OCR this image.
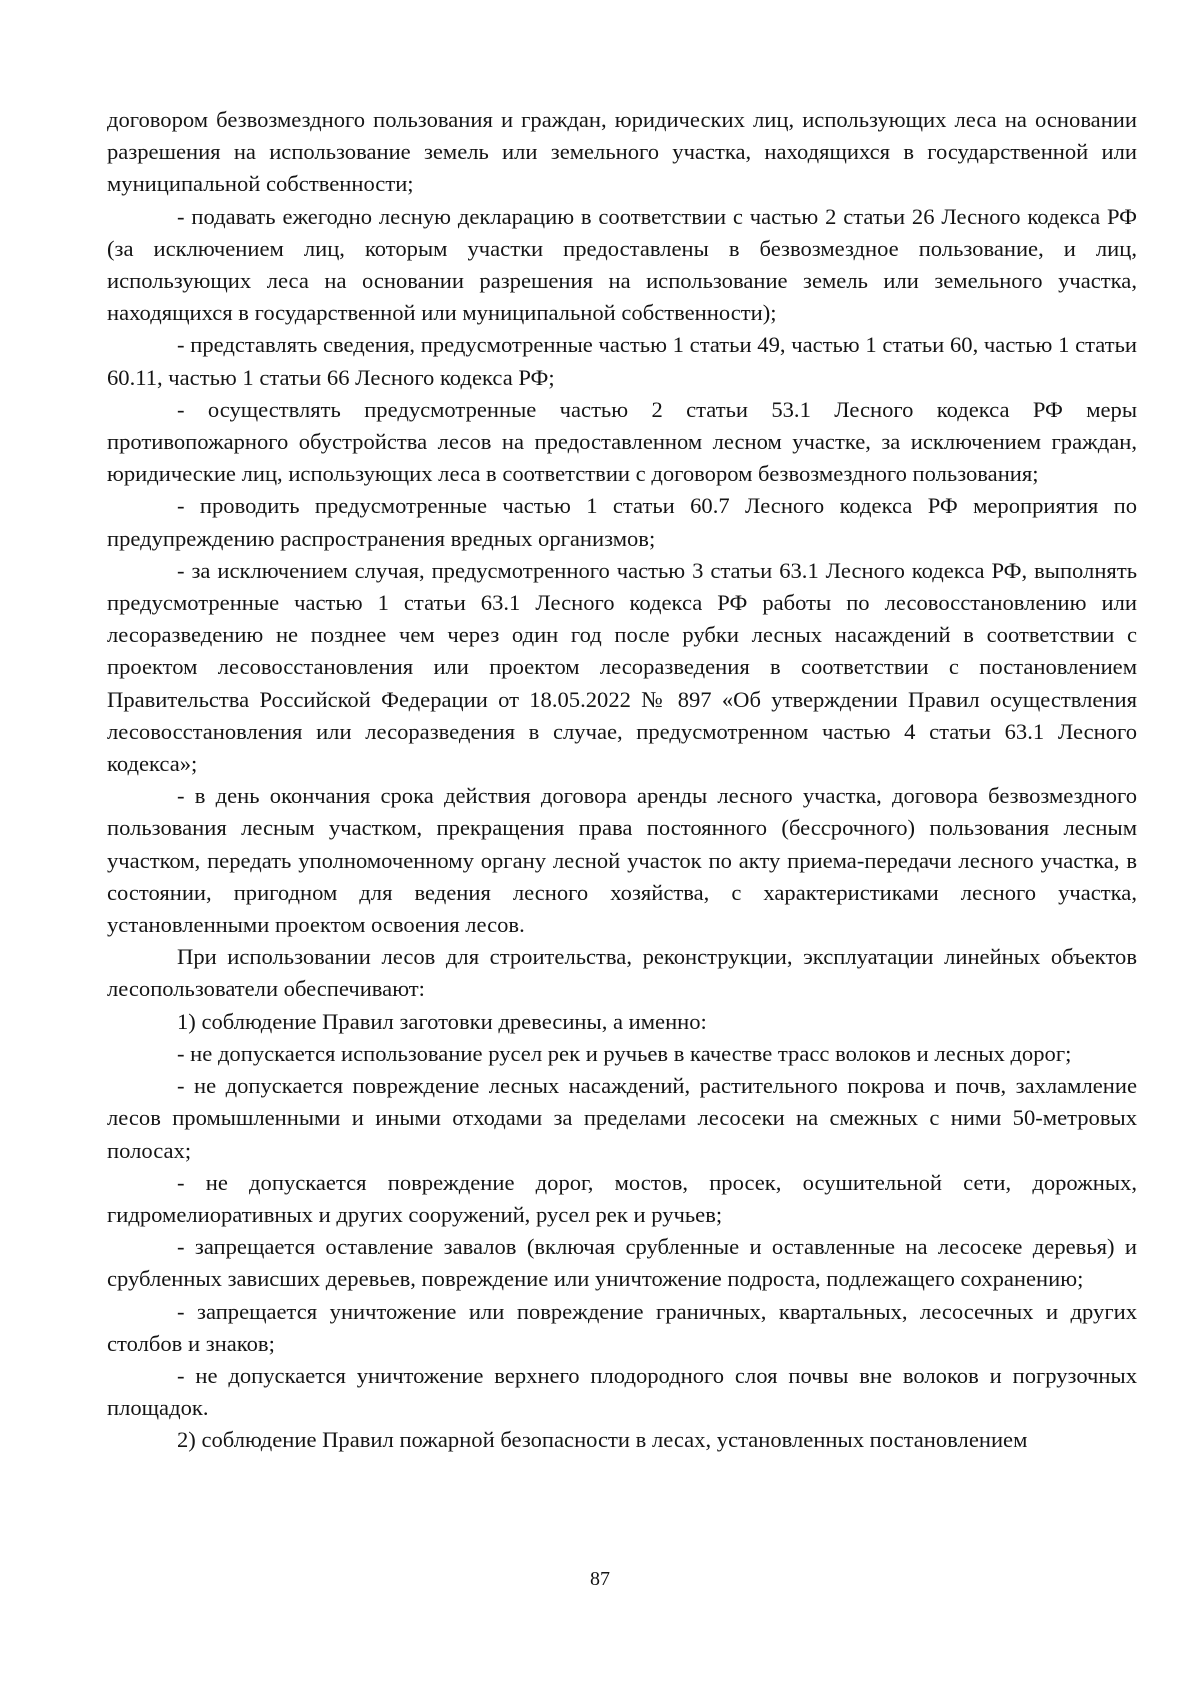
договором безвозмездного пользования и граждан, юридических лиц, использующих леса на основании разрешения на использование земель или земельного участка, находящихся в государственной или муниципальной собственности;

- подавать ежегодно лесную декларацию в соответствии с частью 2 статьи 26 Лесного кодекса РФ (за исключением лиц, которым участки предоставлены в безвозмездное пользование, и лиц, использующих леса на основании разрешения на использование земель или земельного участка, находящихся в государственной или муниципальной собственности);

- представлять сведения, предусмотренные частью 1 статьи 49, частью 1 статьи 60, частью 1 статьи 60.11, частью 1 статьи 66 Лесного кодекса РФ;

- осуществлять предусмотренные частью 2 статьи 53.1 Лесного кодекса РФ меры противопожарного обустройства лесов на предоставленном лесном участке, за исключением граждан, юридические лиц, использующих леса в соответствии с договором безвозмездного пользования;

- проводить предусмотренные частью 1 статьи 60.7 Лесного кодекса РФ мероприятия по предупреждению распространения вредных организмов;

- за исключением случая, предусмотренного частью 3 статьи 63.1 Лесного кодекса РФ, выполнять предусмотренные частью 1 статьи 63.1 Лесного кодекса РФ работы по лесовосстановлению или лесоразведению не позднее чем через один год после рубки лесных насаждений в соответствии с проектом лесовосстановления или проектом лесоразведения в соответствии с постановлением Правительства Российской Федерации от 18.05.2022 № 897 «Об утверждении Правил осуществления лесовосстановления или лесоразведения в случае, предусмотренном частью 4 статьи 63.1 Лесного кодекса»;

- в день окончания срока действия договора аренды лесного участка, договора безвозмездного пользования лесным участком, прекращения права постоянного (бессрочного) пользования лесным участком, передать уполномоченному органу лесной участок по акту приема-передачи лесного участка, в состоянии, пригодном для ведения лесного хозяйства, с характеристиками лесного участка, установленными проектом освоения лесов.

При использовании лесов для строительства, реконструкции, эксплуатации линейных объектов лесопользователи обеспечивают:

1) соблюдение Правил заготовки древесины, а именно:

- не допускается использование русел рек и ручьев в качестве трасс волоков и лесных дорог;

- не допускается повреждение лесных насаждений, растительного покрова и почв, захламление лесов промышленными и иными отходами за пределами лесосеки на смежных с ними 50-метровых полосах;

- не допускается повреждение дорог, мостов, просек, осушительной сети, дорожных, гидромелиоративных и других сооружений, русел рек и ручьев;

- запрещается оставление завалов (включая срубленные и оставленные на лесосеке деревья) и срубленных зависших деревьев, повреждение или уничтожение подроста, подлежащего сохранению;

- запрещается уничтожение или повреждение граничных, квартальных, лесосечных и других столбов и знаков;

- не допускается уничтожение верхнего плодородного слоя почвы вне волоков и погрузочных площадок.

2) соблюдение Правил пожарной безопасности в лесах, установленных постановлением

87
